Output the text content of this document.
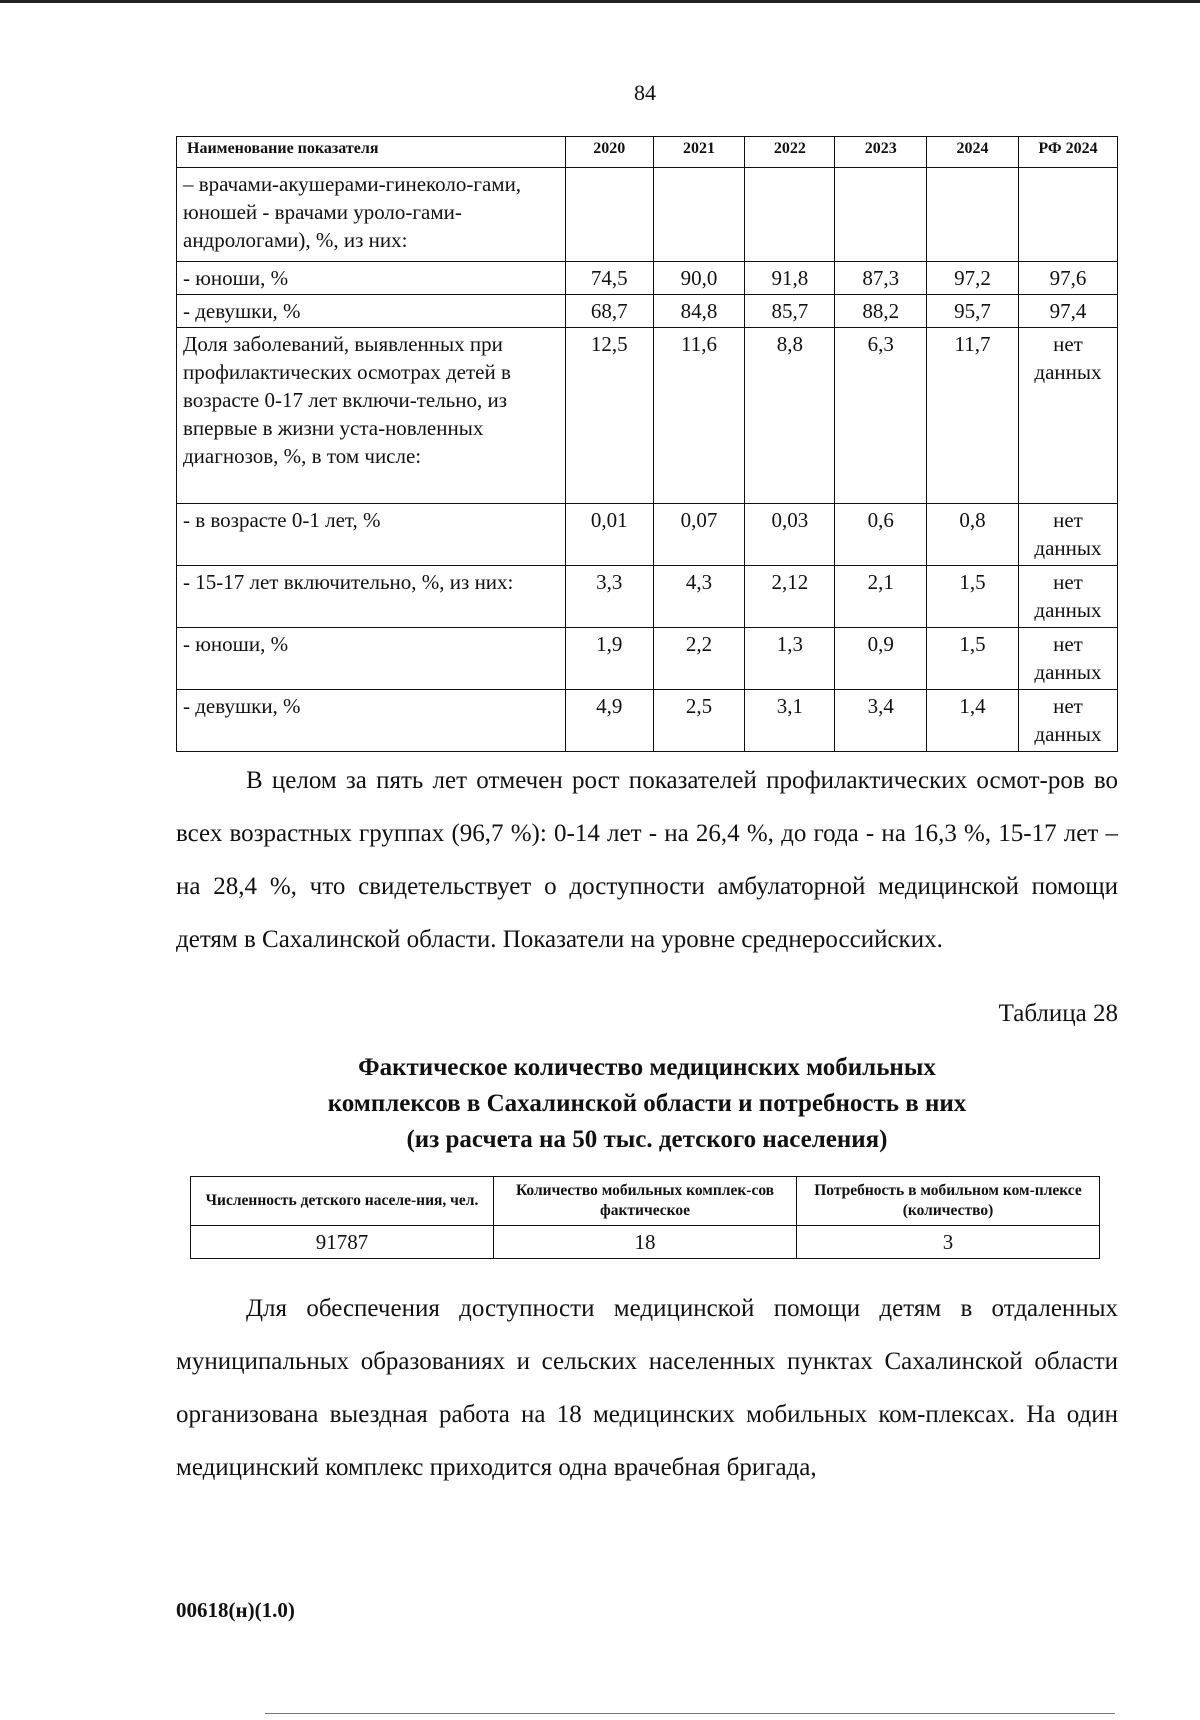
84
Наименование показателя	2020	2021	2022	2023	2024	РФ 2024
– врачами-акушерами-гинеколо-гами, юношей - врачами уроло-гами-андрологами), %, из них:						
- юноши, %	74,5	90,0	91,8	87,3	97,2	97,6
- девушки, %	68,7	84,8	85,7	88,2	95,7	97,4
Доля заболеваний, выявленных при профилактических осмотрах детей в возрасте 0-17 лет включи-тельно, из впервые в жизни уста-новленных диагнозов, %, в том числе:	12,5	11,6	8,8	6,3	11,7	нет данных
- в возрасте 0-1 лет, %	0,01	0,07	0,03	0,6	0,8	нет данных
- 15-17 лет включительно, %, из них:	3,3	4,3	2,12	2,1	1,5	нет данных
- юноши, %	1,9	2,2	1,3	0,9	1,5	нет данных
- девушки, %	4,9	2,5	3,1	3,4	1,4	нет данных

В целом за пять лет отмечен рост показателей профилактических осмот-ров во всех возрастных группах (96,7 %): 0-14 лет - на 26,4 %, до года - на 16,3 %, 15-17 лет – на 28,4 %, что свидетельствует о доступности амбулаторной медицинской помощи детям в Сахалинской области. Показатели на уровне среднероссийских.

Таблица 28
Фактическое количество медицинских мобильных
комплексов в Сахалинской области и потребность в них
(из расчета на 50 тыс. детского населения)
Численность детского населе-ния, чел.	Количество мобильных комплек-сов фактическое	Потребность в мобильном ком-плексе (количество)
91787	18	3

Для обеспечения доступности медицинской помощи детям в отдаленных муниципальных образованиях и сельских населенных пунктах Сахалинской области организована выездная работа на 18 медицинских мобильных ком-плексах. На один медицинский комплекс приходится одна врачебная бригада,

00618(н)(1.0)
